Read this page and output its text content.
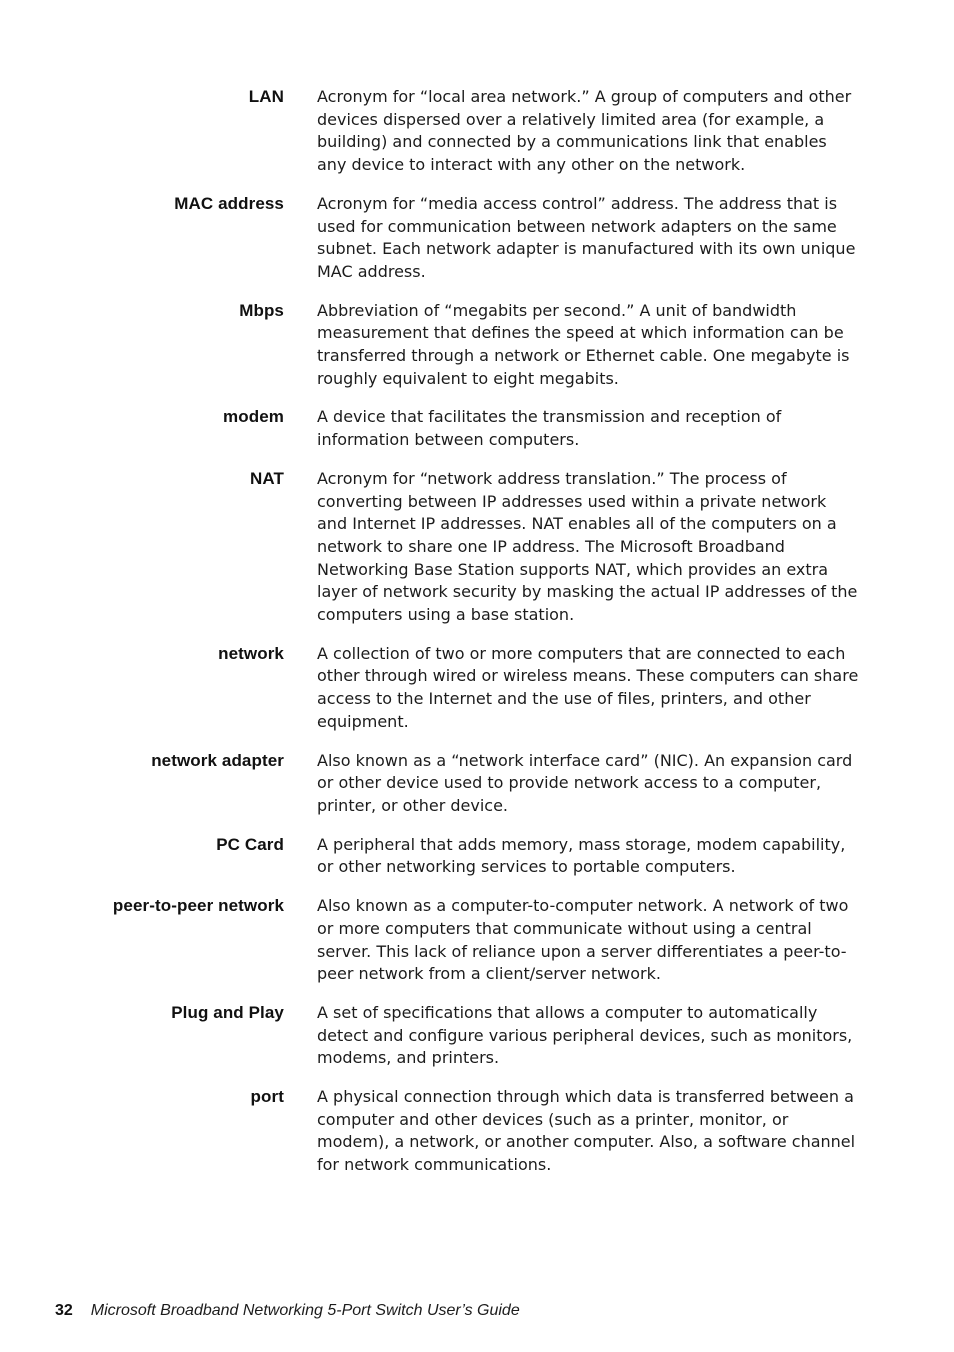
LAN Acronym for “local area network.” A group of computers and other
devices dispersed over a relatively limited area (for example, a
building) and connected by a communications link that enables
any device to interact with any other on the network.
MAC address Acronym for “media access control” address. The address that is
used for communication between network adapters on the same
subnet. Each network adapter is manufactured with its own unique
MAC address.
Mbps Abbreviation of “megabits per second.” A unit of bandwidth
measurement that defines the speed at which information can be
transferred through a network or Ethernet cable. One megabyte is
roughly equivalent to eight megabits.
modem A device that facilitates the transmission and reception of
information between computers.
NAT Acronym for “network address translation.” The process of
converting between IP addresses used within a private network
and Internet IP addresses. NAT enables all of the computers on a
network to share one IP address. The Microsoft Broadband
Networking Base Station supports NAT, which provides an extra
layer of network security by masking the actual IP addresses of the
computers using a base station.
network A collection of two or more computers that are connected to each
other through wired or wireless means. These computers can share
access to the Internet and the use of files, printers, and other
equipment.
network adapter Also known as a “network interface card” (NIC). An expansion card
or other device used to provide network access to a computer,
printer, or other device.
PC Card A peripheral that adds memory, mass storage, modem capability,
or other networking services to portable computers.
peer-to-peer network Also known as a computer-to-computer network. A network of two
or more computers that communicate without using a central
server. This lack of reliance upon a server differentiates a peer-to-
peer network from a client/server network.
Plug and Play A set of specifications that allows a computer to automatically
detect and configure various peripheral devices, such as monitors,
modems, and printers.
port A physical connection through which data is transferred between a
computer and other devices (such as a printer, monitor, or
modem), a network, or another computer. Also, a software channel
for network communications.
32 Microsoft Broadband Networking 5-Port Switch User’s Guide
